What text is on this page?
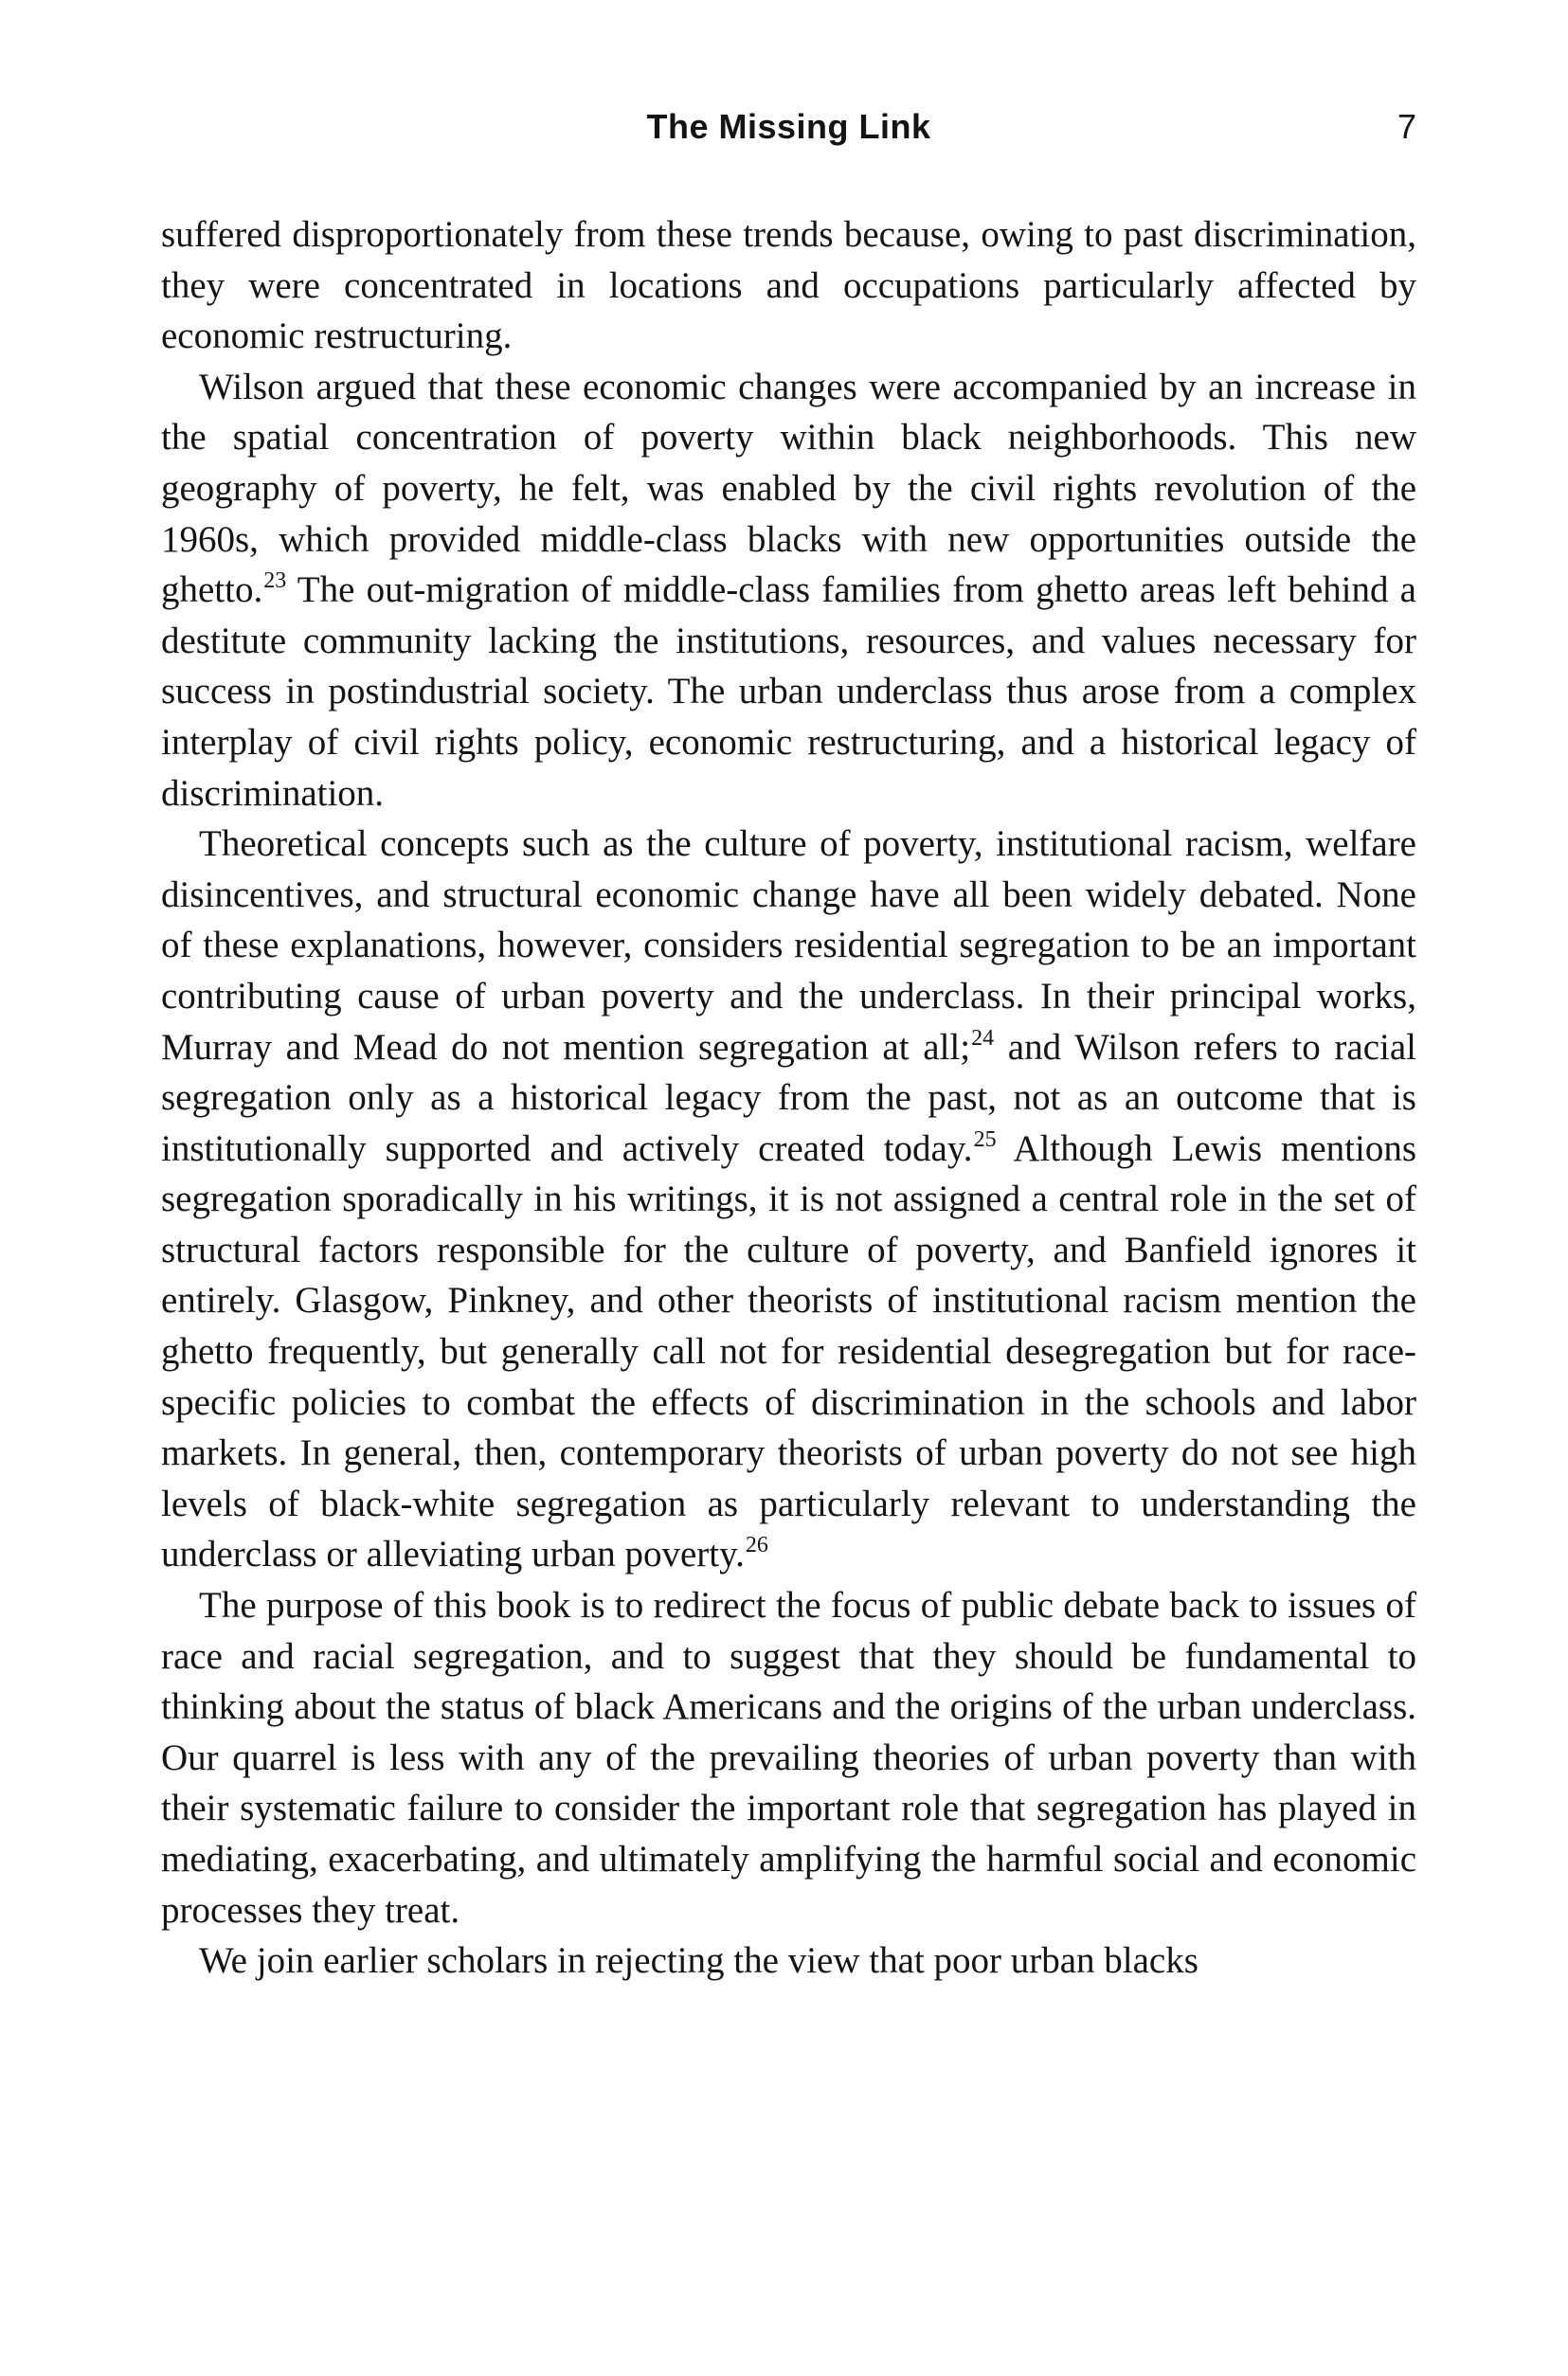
The Missing Link	7

suffered disproportionately from these trends because, owing to past discrimination, they were concentrated in locations and occupations particularly affected by economic restructuring.

Wilson argued that these economic changes were accompanied by an increase in the spatial concentration of poverty within black neighborhoods. This new geography of poverty, he felt, was enabled by the civil rights revolution of the 1960s, which provided middle-class blacks with new opportunities outside the ghetto.$^{23}$ The out-migration of middle-class families from ghetto areas left behind a destitute community lacking the institutions, resources, and values necessary for success in postindustrial society. The urban underclass thus arose from a complex interplay of civil rights policy, economic restructuring, and a historical legacy of discrimination.

Theoretical concepts such as the culture of poverty, institutional racism, welfare disincentives, and structural economic change have all been widely debated. None of these explanations, however, considers residential segregation to be an important contributing cause of urban poverty and the underclass. In their principal works, Murray and Mead do not mention segregation at all;$^{24}$ and Wilson refers to racial segregation only as a historical legacy from the past, not as an outcome that is institutionally supported and actively created today.$^{25}$ Although Lewis mentions segregation sporadically in his writings, it is not assigned a central role in the set of structural factors responsible for the culture of poverty, and Banfield ignores it entirely. Glasgow, Pinkney, and other theorists of institutional racism mention the ghetto frequently, but generally call not for residential desegregation but for race-specific policies to combat the effects of discrimination in the schools and labor markets. In general, then, contemporary theorists of urban poverty do not see high levels of black-white segregation as particularly relevant to understanding the underclass or alleviating urban poverty.$^{26}$

The purpose of this book is to redirect the focus of public debate back to issues of race and racial segregation, and to suggest that they should be fundamental to thinking about the status of black Americans and the origins of the urban underclass. Our quarrel is less with any of the prevailing theories of urban poverty than with their systematic failure to consider the important role that segregation has played in mediating, exacerbating, and ultimately amplifying the harmful social and economic processes they treat.

We join earlier scholars in rejecting the view that poor urban blacks
